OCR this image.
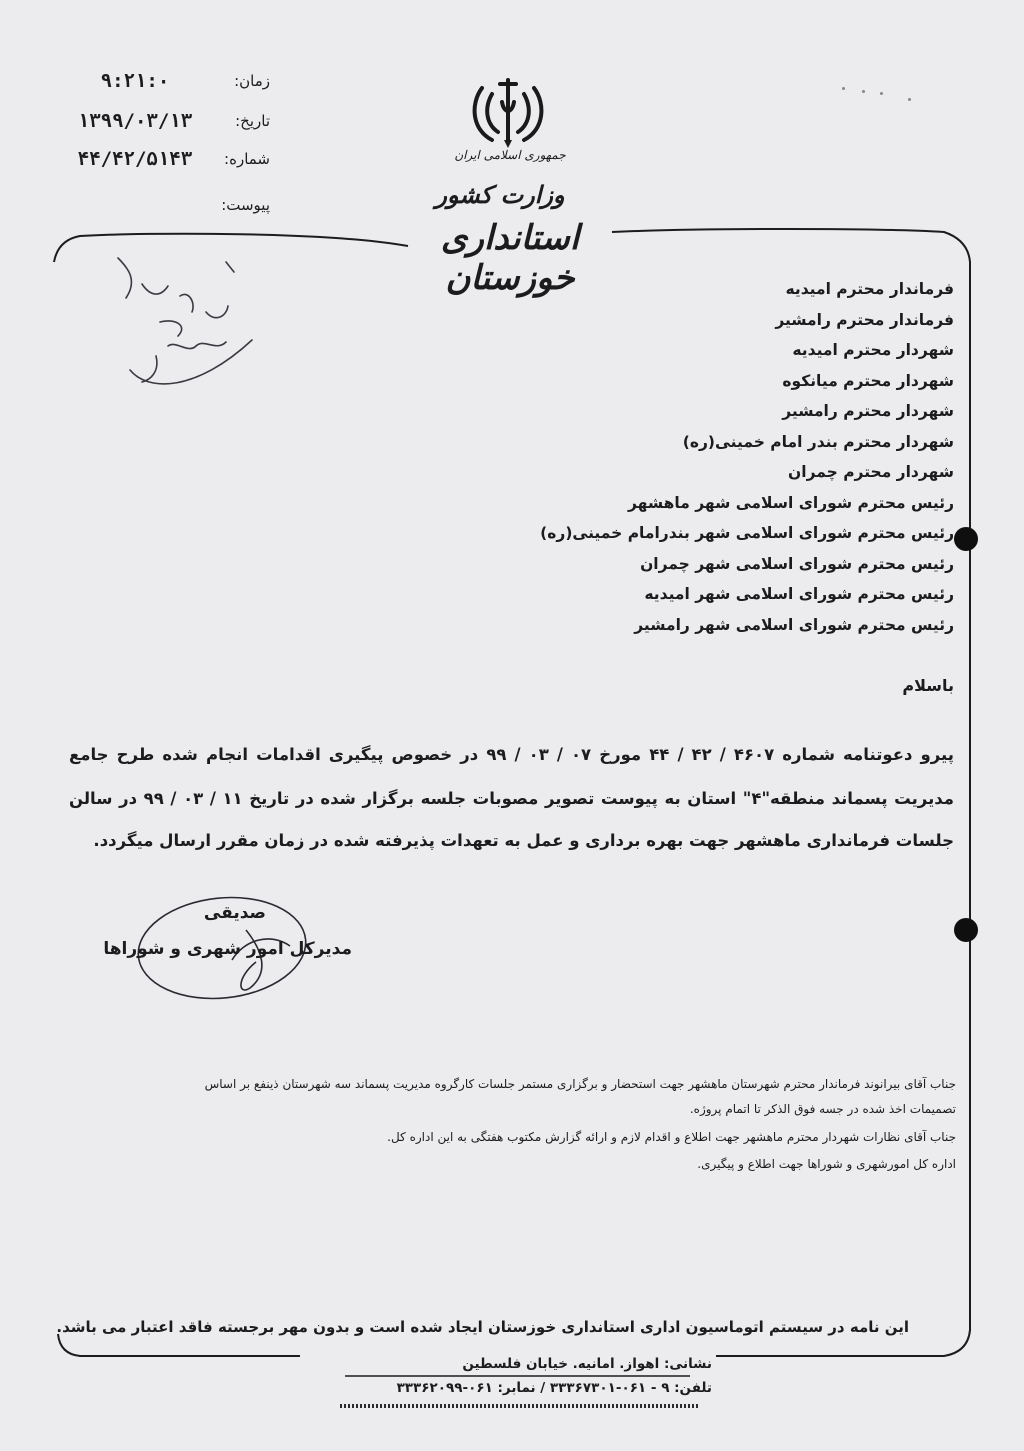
زمان:
۹:۲۱:۰
تاریخ:
۱۳۹۹/۰۳/۱۳
شماره:
۴۴/۴۲/۵۱۴۳
پیوست:
جمهوری اسلامی ایران
وزارت کشور
استانداری خوزستان	فرماندار محترم امیدیه
فرماندار محترم رامشیر
شهردار محترم امیدیه
شهردار محترم میانکوه
شهردار محترم رامشیر
شهردار محترم بندر امام خمینی(ره)
شهردار محترم چمران
رئیس محترم شورای اسلامی شهر ماهشهر
رئیس محترم شورای اسلامی شهر بندرامام خمینی(ره)
رئیس محترم شورای اسلامی شهر چمران
رئیس محترم شورای اسلامی شهر امیدیه
رئیس محترم شورای اسلامی شهر رامشیر
باسلام
پیرو دعوتنامه شماره ۴۶۰۷ / ۴۲ / ۴۴ مورخ ۰۷ / ۰۳ / ۹۹ در خصوص پیگیری اقدامات انجام شده طرح جامع
مدیریت پسماند منطقه"۴" استان به پیوست تصویر مصوبات جلسه برگزار شده در تاریخ ۱۱ / ۰۳ / ۹۹ در سالن
جلسات فرمانداری ماهشهر جهت بهره برداری و عمل به تعهدات پذیرفته شده در زمان مقرر ارسال میگردد.
صدیقی
مدیرکل امور شهری و شوراها
جناب آقای بیرانوند فرماندار محترم شهرستان ماهشهر جهت استحضار و برگزاری مستمر جلسات کارگروه مدیریت پسماند سه شهرستان ذینفع بر اساس
تصمیمات اخذ شده در جسه فوق الذکر تا اتمام پروژه.
جناب آقای نظارات شهردار محترم ماهشهر جهت اطلاع و اقدام لازم و ارائه گزارش مکتوب هفتگی به این اداره کل.
اداره کل امورشهری و شوراها جهت اطلاع و پیگیری.
این نامه در سیستم اتوماسیون اداری استانداری خوزستان ایجاد شده است و بدون مهر برجسته فاقد اعتبار می باشد.
نشانی: اهواز. امانیه. خیابان فلسطین
تلفن: ۹ - ۰۶۱-۳۳۳۶۷۳۰۱ / نمابر: ۰۶۱-۳۳۳۶۲۰۹۹
